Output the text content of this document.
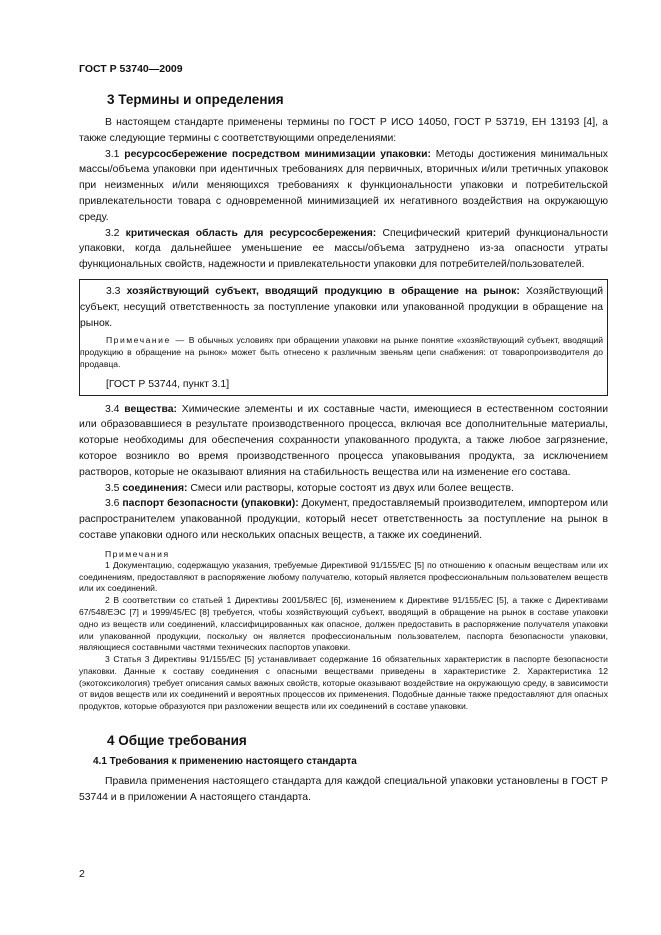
ГОСТ Р 53740—2009
3 Термины и определения

В настоящем стандарте применены термины по ГОСТ Р ИСО 14050, ГОСТ Р 53719, ЕН 13193 [4], а также следующие термины с соответствующими определениями:

3.1 ресурсосбережение посредством минимизации упаковки: Методы достижения минимальных массы/объема упаковки при идентичных требованиях для первичных, вторичных и/или третичных упаковок при неизменных и/или меняющихся требованиях к функциональности упаковки и потребительской привлекательности товара с одновременной минимизацией их негативного воздействия на окружающую среду.

3.2 критическая область для ресурсосбережения: Специфический критерий функциональности упаковки, когда дальнейшее уменьшение ее массы/объема затруднено из-за опасности утраты функциональных свойств, надежности и привлекательности упаковки для потребителей/пользователей.

3.3 хозяйствующий субъект, вводящий продукцию в обращение на рынок: Хозяйствующий субъект, несущий ответственность за поступление упаковки или упакованной продукции в обращение на рынок.

Примечание — В обычных условиях при обращении упаковки на рынке понятие «хозяйствующий субъект, вводящий продукцию в обращение на рынок» может быть отнесено к различным звеньям цепи снабжения: от товаропроизводителя до продавца.

[ГОСТ Р 53744, пункт 3.1]

3.4 вещества: Химические элементы и их составные части, имеющиеся в естественном состоянии или образовавшиеся в результате производственного процесса, включая все дополнительные материалы, которые необходимы для обеспечения сохранности упакованного продукта, а также любое загрязнение, которое возникло во время производственного процесса упаковывания продукта, за исключением растворов, которые не оказывают влияния на стабильность вещества или на изменение его состава.

3.5 соединения: Смеси или растворы, которые состоят из двух или более веществ.

3.6 паспорт безопасности (упаковки): Документ, предоставляемый производителем, импортером или распространителем упакованной продукции, который несет ответственность за поступление на рынок в составе упаковки одного или нескольких опасных веществ, а также их соединений.

Примечания

1 Документацию, содержащую указания, требуемые Директивой 91/155/ЕС [5] по отношению к опасным веществам или их соединениям, предоставляют в распоряжение любому получателю, который является профессиональным пользователем веществ или их соединений.

2 В соответствии со статьей 1 Директивы 2001/58/ЕС [6], изменением к Директиве 91/155/ЕС [5], а также с Директивами 67/548/ЕЭС [7] и 1999/45/ЕС [8] требуется, чтобы хозяйствующий субъект, вводящий в обращение на рынок в составе упаковки одно из веществ или соединений, классифицированных как опасное, должен предоставить в распоряжение получателя упаковки или упакованной продукции, поскольку он является профессиональным пользователем, паспорта безопасности упаковки, являющиеся составными частями технических паспортов упаковки.

3 Статья 3 Директивы 91/155/ЕС [5] устанавливает содержание 16 обязательных характеристик в паспорте безопасности упаковки. Данные к составу соединения с опасными веществами приведены в характеристике 2. Характеристика 12 (экотоксикология) требует описания самых важных свойств, которые оказывают воздействие на окружающую среду, в зависимости от видов веществ или их соединений и вероятных процессов их применения. Подобные данные также предоставляют для опасных продуктов, которые образуются при разложении веществ или их соединений в составе упаковки.

4 Общие требования
4.1 Требования к применению настоящего стандарта

Правила применения настоящего стандарта для каждой специальной упаковки установлены в ГОСТ Р 53744 и в приложении А настоящего стандарта.

2
